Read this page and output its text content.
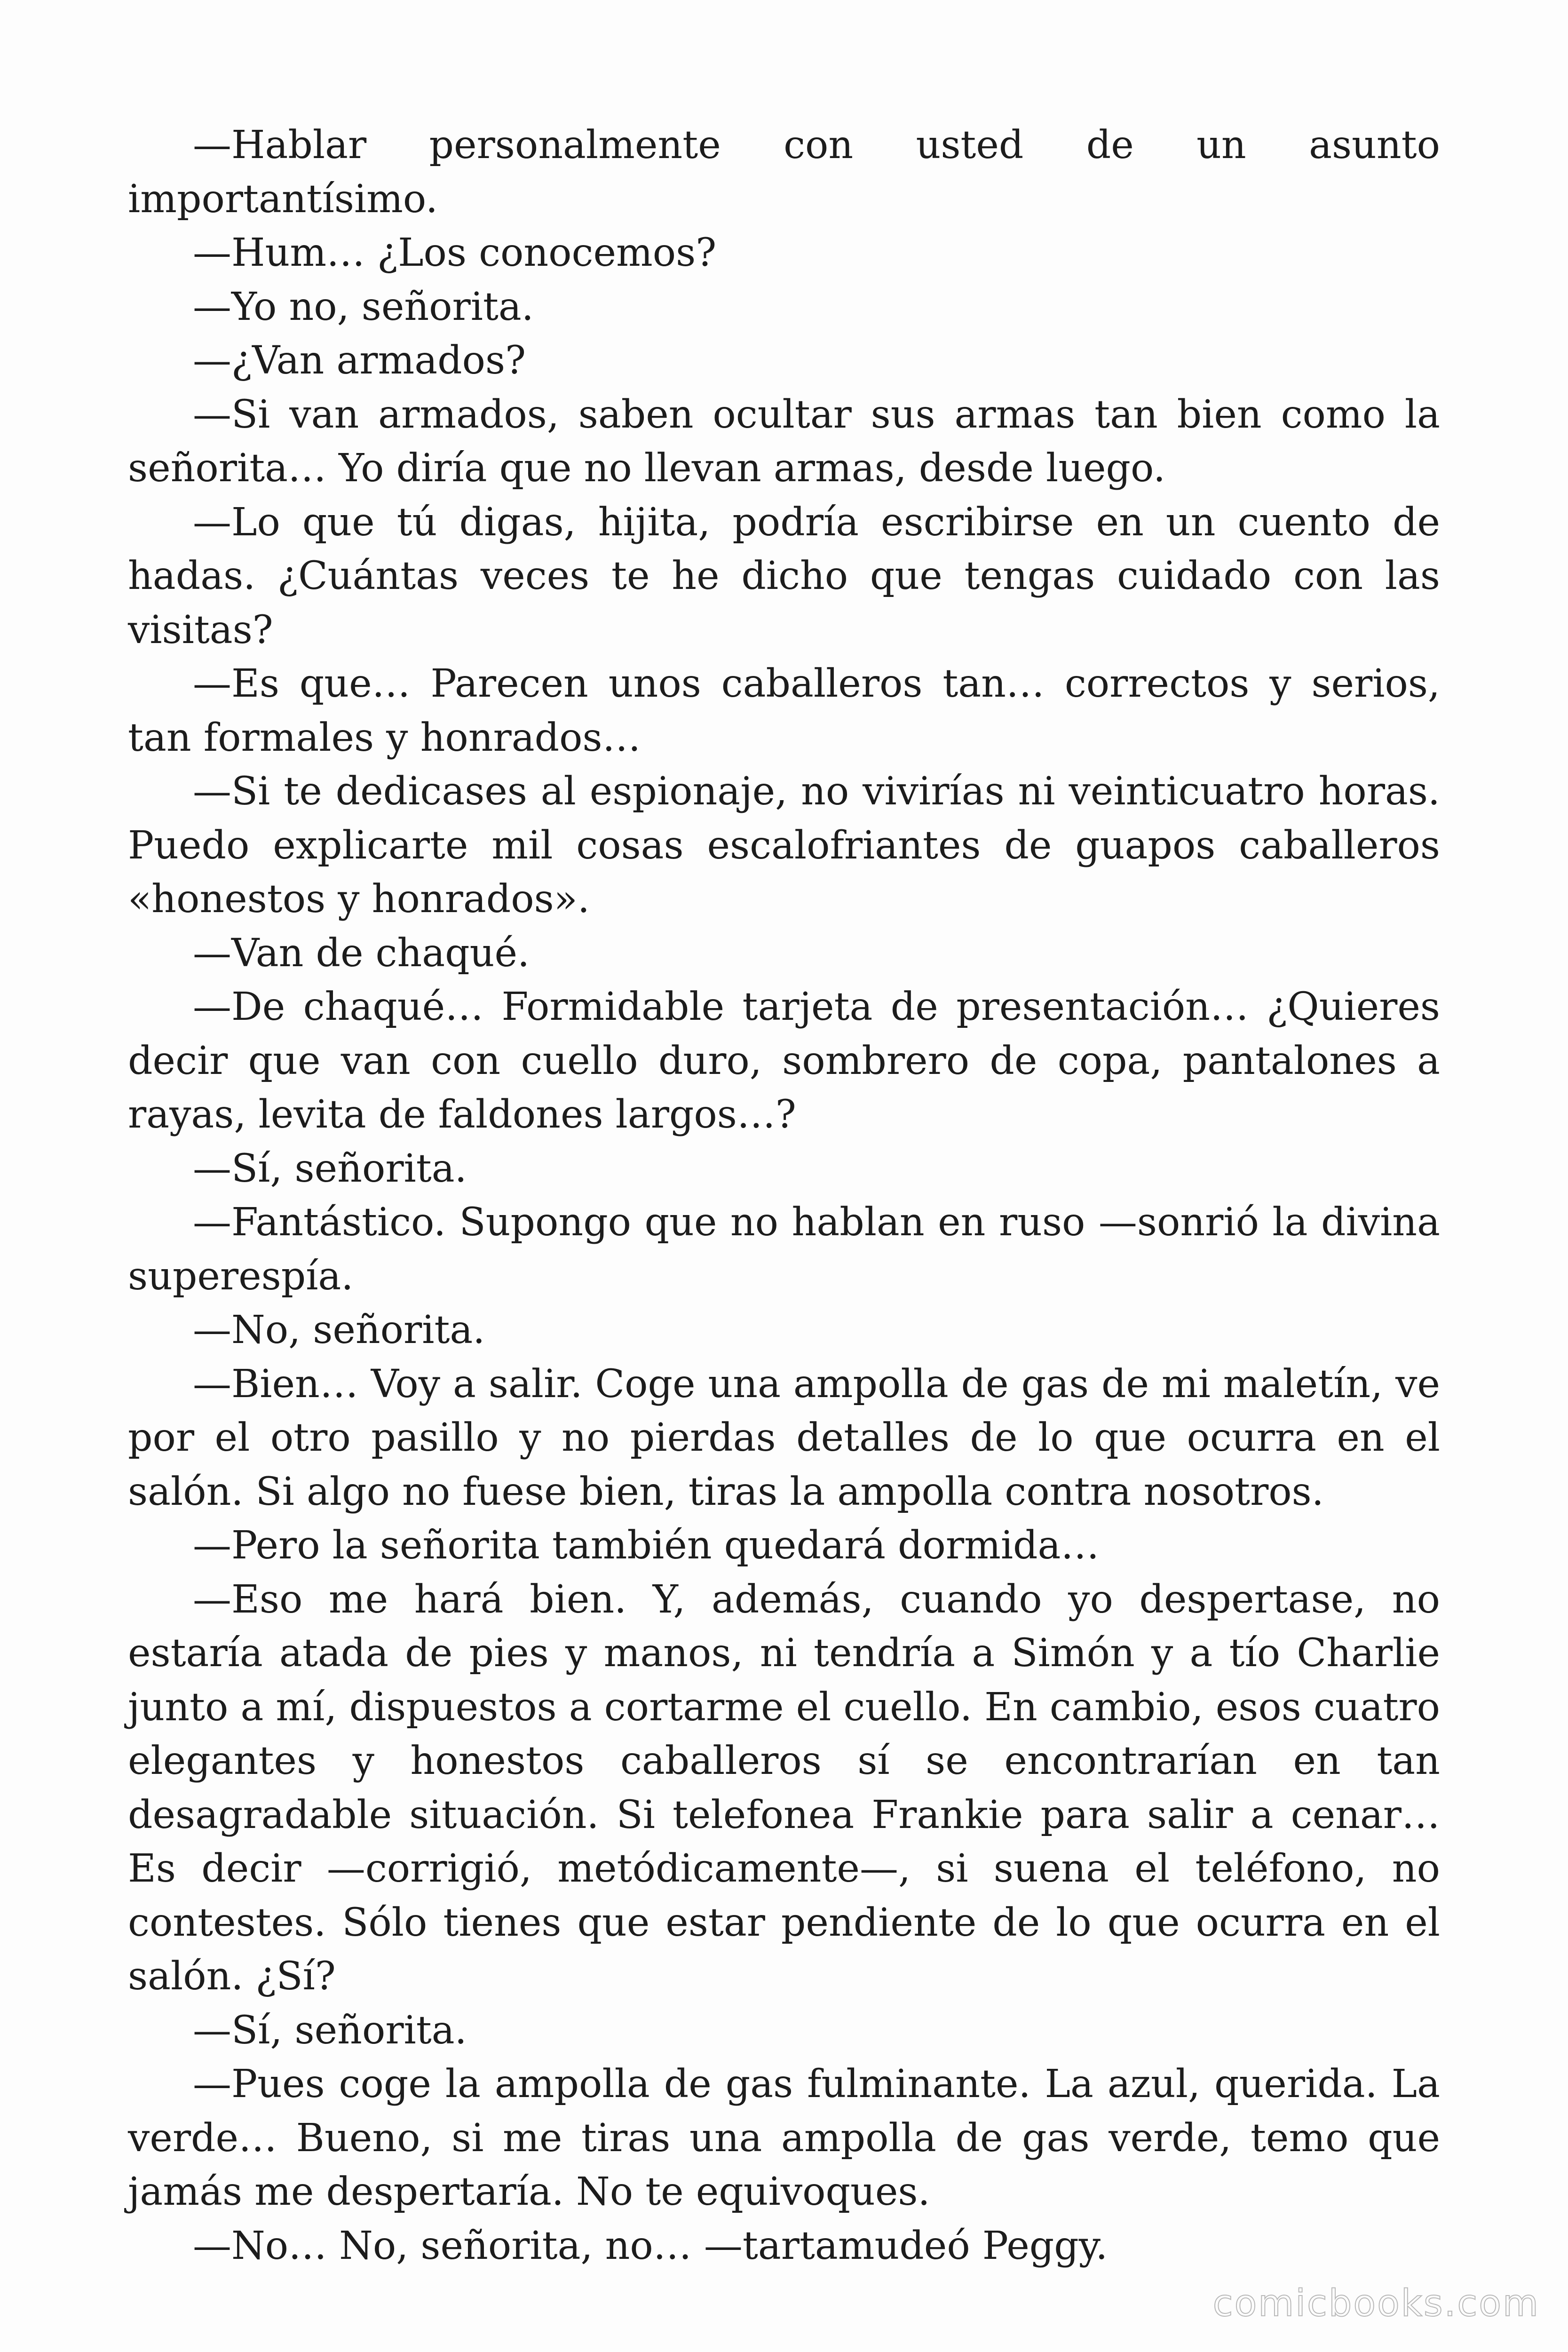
—Hablar personalmente con usted de un asunto importantísimo.

—Hum… ¿Los conocemos?

—Yo no, señorita.

—¿Van armados?

—Si van armados, saben ocultar sus armas tan bien como la señorita… Yo diría que no llevan armas, desde luego.

—Lo que tú digas, hijita, podría escribirse en un cuento de hadas. ¿Cuántas veces te he dicho que tengas cuidado con las visitas?

—Es que… Parecen unos caballeros tan… correctos y serios, tan formales y honrados…

—Si te dedicases al espionaje, no vivirías ni veinticuatro horas. Puedo explicarte mil cosas escalofriantes de guapos caballeros «honestos y honrados».

—Van de chaqué.

—De chaqué… Formidable tarjeta de presentación… ¿Quieres decir que van con cuello duro, sombrero de copa, pantalones a rayas, levita de faldones largos…?

—Sí, señorita.

—Fantástico. Supongo que no hablan en ruso —sonrió la divina superespía.

—No, señorita.

—Bien… Voy a salir. Coge una ampolla de gas de mi maletín, ve por el otro pasillo y no pierdas detalles de lo que ocurra en el salón. Si algo no fuese bien, tiras la ampolla contra nosotros.

—Pero la señorita también quedará dormida…

—Eso me hará bien. Y, además, cuando yo despertase, no estaría atada de pies y manos, ni tendría a Simón y a tío Charlie junto a mí, dispuestos a cortarme el cuello. En cambio, esos cuatro elegantes y honestos caballeros sí se encontrarían en tan desagradable situación. Si telefonea Frankie para salir a cenar… Es decir —corrigió, metódicamente—, si suena el teléfono, no contestes. Sólo tienes que estar pendiente de lo que ocurra en el salón. ¿Sí?

—Sí, señorita.

—Pues coge la ampolla de gas fulminante. La azul, querida. La verde… Bueno, si me tiras una ampolla de gas verde, temo que jamás me despertaría. No te equivoques.

—No… No, señorita, no… —tartamudeó Peggy.

comicbooks.com
